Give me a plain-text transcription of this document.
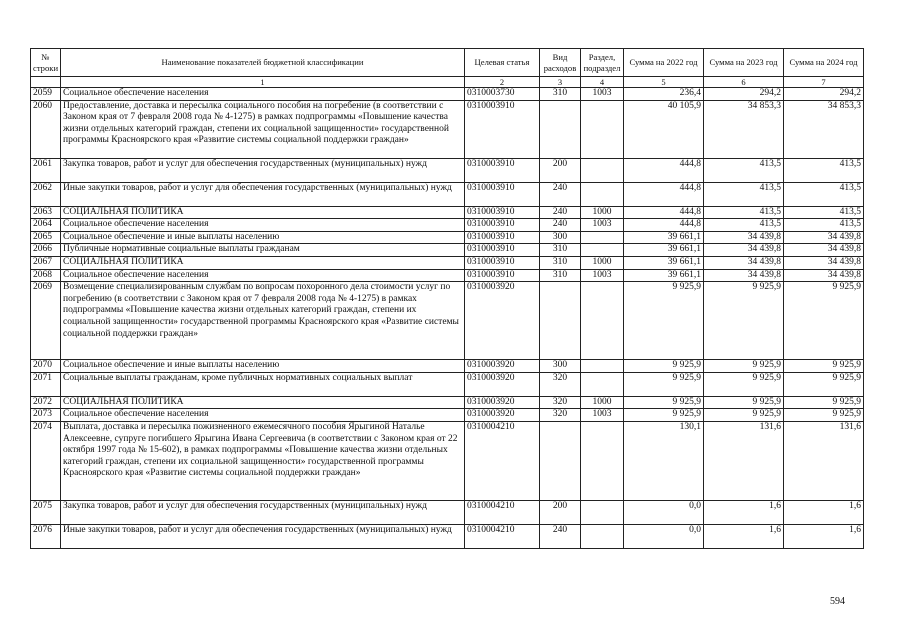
№ строки	Наименование показателей бюджетной классификации	Целевая статья	Вид расходов	Раздел, подраздел	Сумма на 2022 год	Сумма на 2023 год	Сумма на 2024 год
	1	2	3	4	5	6	7
2059	Социальное обеспечение населения	0310003730	310	1003	236,4	294,2	294,2
2060	Предоставление, доставка и пересылка социального пособия на погребение (в соответствии с Законом края от 7 февраля 2008 года № 4-1275) в рамках подпрограммы «Повышение качества жизни отдельных категорий граждан, степени их социальной защищенности» государственной программы Красноярского края «Развитие системы социальной поддержки граждан»	0310003910			40 105,9	34 853,3	34 853,3
2061	Закупка товаров, работ и услуг для обеспечения государственных (муниципальных) нужд	0310003910	200		444,8	413,5	413,5
2062	Иные закупки товаров, работ и услуг для обеспечения государственных (муниципальных) нужд	0310003910	240		444,8	413,5	413,5
2063	СОЦИАЛЬНАЯ ПОЛИТИКА	0310003910	240	1000	444,8	413,5	413,5
2064	Социальное обеспечение населения	0310003910	240	1003	444,8	413,5	413,5
2065	Социальное обеспечение и иные выплаты населению	0310003910	300		39 661,1	34 439,8	34 439,8
2066	Публичные нормативные социальные выплаты гражданам	0310003910	310		39 661,1	34 439,8	34 439,8
2067	СОЦИАЛЬНАЯ ПОЛИТИКА	0310003910	310	1000	39 661,1	34 439,8	34 439,8
2068	Социальное обеспечение населения	0310003910	310	1003	39 661,1	34 439,8	34 439,8
2069	Возмещение специализированным службам по вопросам похоронного дела стоимости услуг по погребению (в соответствии с Законом края от 7 февраля 2008 года № 4-1275) в рамках подпрограммы «Повышение качества жизни отдельных категорий граждан, степени их социальной защищенности» государственной программы Красноярского края «Развитие системы социальной поддержки граждан»	0310003920			9 925,9	9 925,9	9 925,9
2070	Социальное обеспечение и иные выплаты населению	0310003920	300		9 925,9	9 925,9	9 925,9
2071	Социальные выплаты гражданам, кроме публичных нормативных социальных выплат	0310003920	320		9 925,9	9 925,9	9 925,9
2072	СОЦИАЛЬНАЯ ПОЛИТИКА	0310003920	320	1000	9 925,9	9 925,9	9 925,9
2073	Социальное обеспечение населения	0310003920	320	1003	9 925,9	9 925,9	9 925,9
2074	Выплата, доставка и пересылка пожизненного ежемесячного пособия Ярыгиной Наталье Алексеевне, супруге погибшего Ярыгина Ивана Сергеевича (в соответствии с Законом края от 22 октября 1997 года № 15-602), в рамках подпрограммы «Повышение качества жизни отдельных категорий граждан, степени их социальной защищенности» государственной программы Красноярского края «Развитие системы социальной поддержки граждан»	0310004210			130,1	131,6	131,6
2075	Закупка товаров, работ и услуг для обеспечения государственных (муниципальных) нужд	0310004210	200		0,0	1,6	1,6
2076	Иные закупки товаров, работ и услуг для обеспечения государственных (муниципальных) нужд	0310004210	240		0,0	1,6	1,6
594
